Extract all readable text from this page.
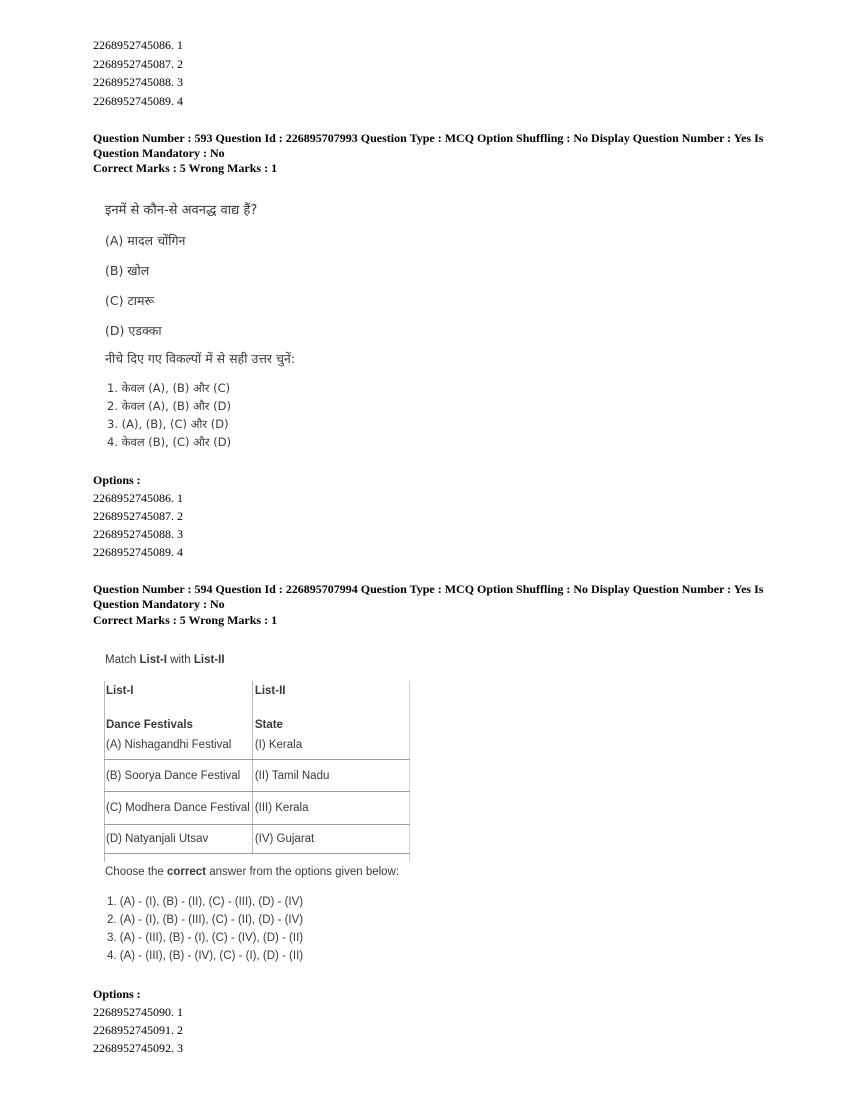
2268952745086. 1
2268952745087. 2
2268952745088. 3
2268952745089. 4
Question Number : 593 Question Id : 226895707993 Question Type : MCQ Option Shuffling : No Display Question Number : Yes Is
Question Mandatory : No
Correct Marks : 5 Wrong Marks : 1
इनमें से कौन-से अवनद्ध वाद्य हैं?
(A) मादल चोंगिन
(B) खोल
(C) टामरू
(D) एडक्का
नीचे दिए गए विकल्पों में से सही उत्तर चुनें:
1. केवल (A), (B) और (C)
2. केवल (A), (B) और (D)
3. (A), (B), (C) और (D)
4. केवल (B), (C) और (D)
Options :
2268952745086. 1
2268952745087. 2
2268952745088. 3
2268952745089. 4
Question Number : 594 Question Id : 226895707994 Question Type : MCQ Option Shuffling : No Display Question Number : Yes Is
Question Mandatory : No
Correct Marks : 5 Wrong Marks : 1
Match List-I with List-II
List-I	List-II
Dance Festivals	State
(A) Nishagandhi Festival	(I) Kerala
(B) Soorya Dance Festival	(II) Tamil Nadu
(C) Modhera Dance Festival	(III) Kerala
(D) Natyanjali Utsav	(IV) Gujarat
Choose the correct answer from the options given below:
1. (A) - (I), (B) - (II), (C) - (III), (D) - (IV)
2. (A) - (I), (B) - (III), (C) - (II), (D) - (IV)
3. (A) - (III), (B) - (I), (C) - (IV), (D) - (II)
4. (A) - (III), (B) - (IV), (C) - (I), (D) - (II)
Options :
2268952745090. 1
2268952745091. 2
2268952745092. 3
